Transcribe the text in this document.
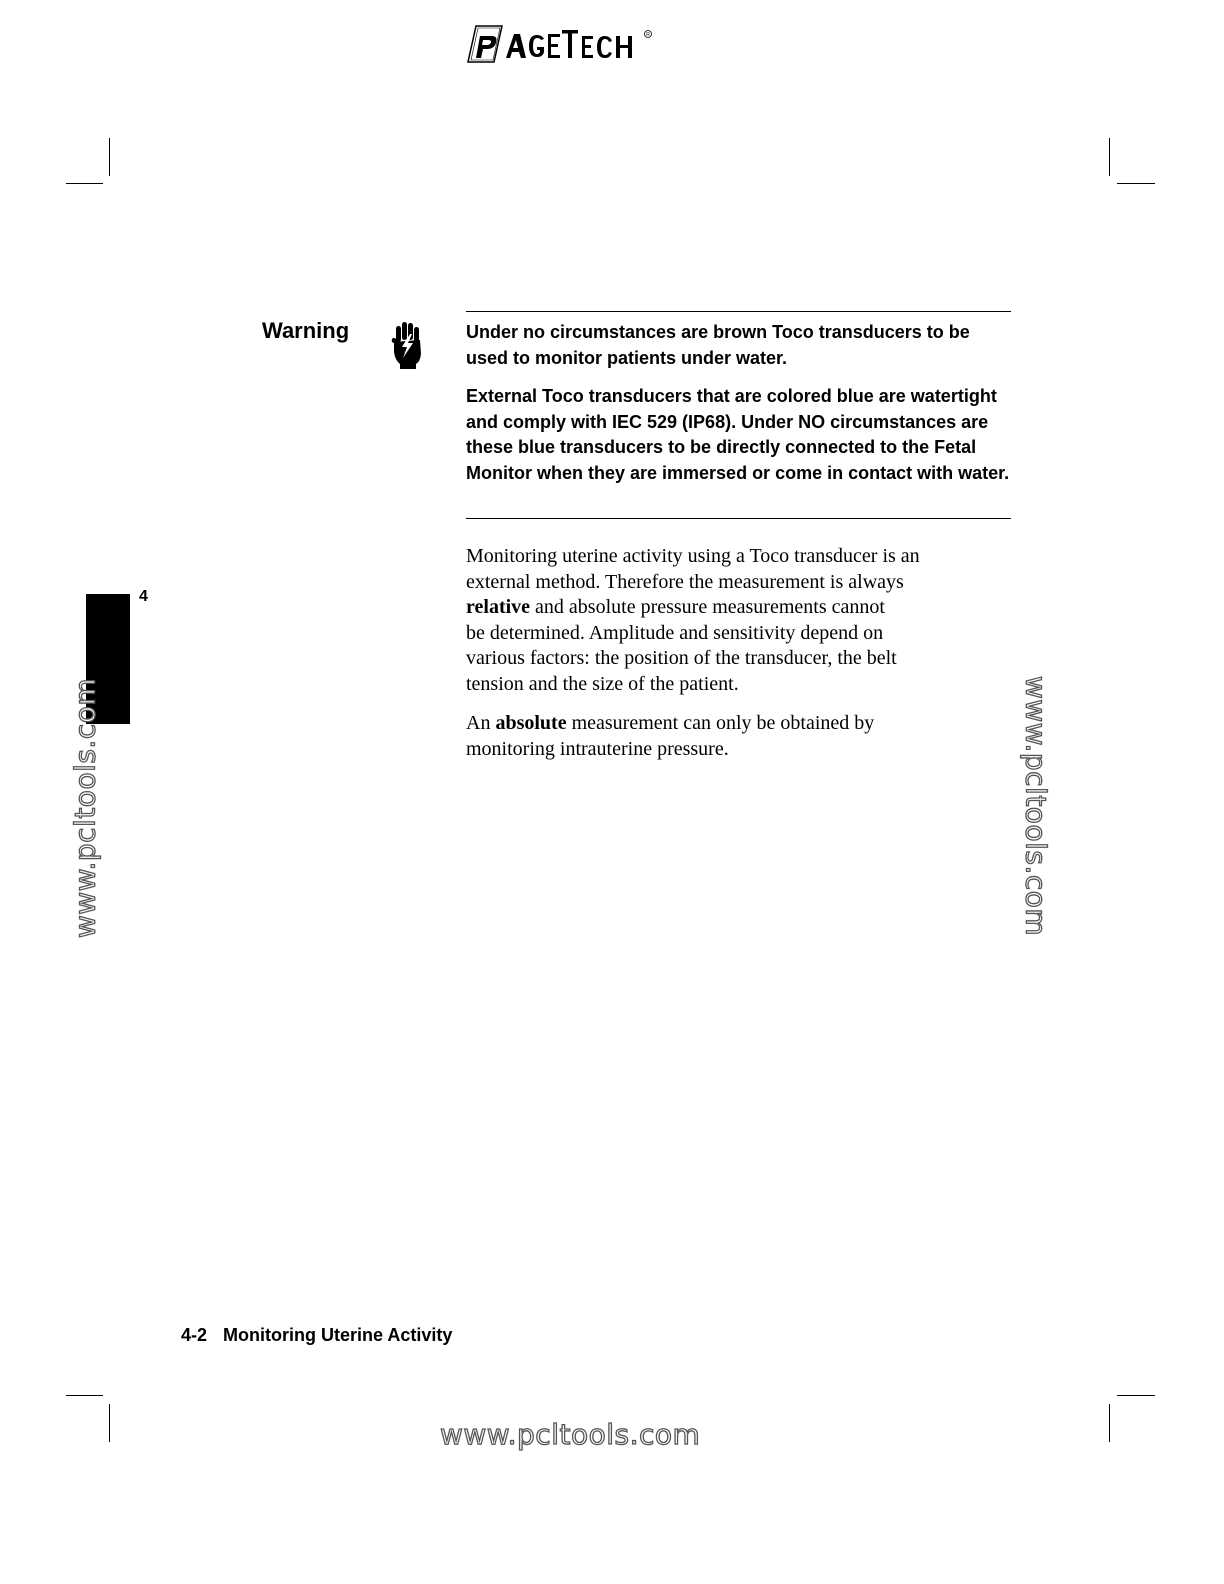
R
Warning	Under no circumstances are brown Toco transducers to be used to monitor patients under water.

External Toco transducers that are colored blue are watertight and comply with IEC 529 (IP68). Under NO circumstances are these blue transducers to be directly connected to the Fetal Monitor when they are immersed or come in contact with water.

Monitoring uterine activity using a Toco transducer is an
external method. Therefore the measurement is always
relative and absolute pressure measurements cannot
be determined. Amplitude and sensitivity depend on
various factors: the position of the transducer, the belt
tension and the size of the patient.

An absolute measurement can only be obtained by
monitoring intrauterine pressure.

4
www.pcltools.com	www.pcltools.com
www.pcltools.com
4-2 Monitoring Uterine Activity
